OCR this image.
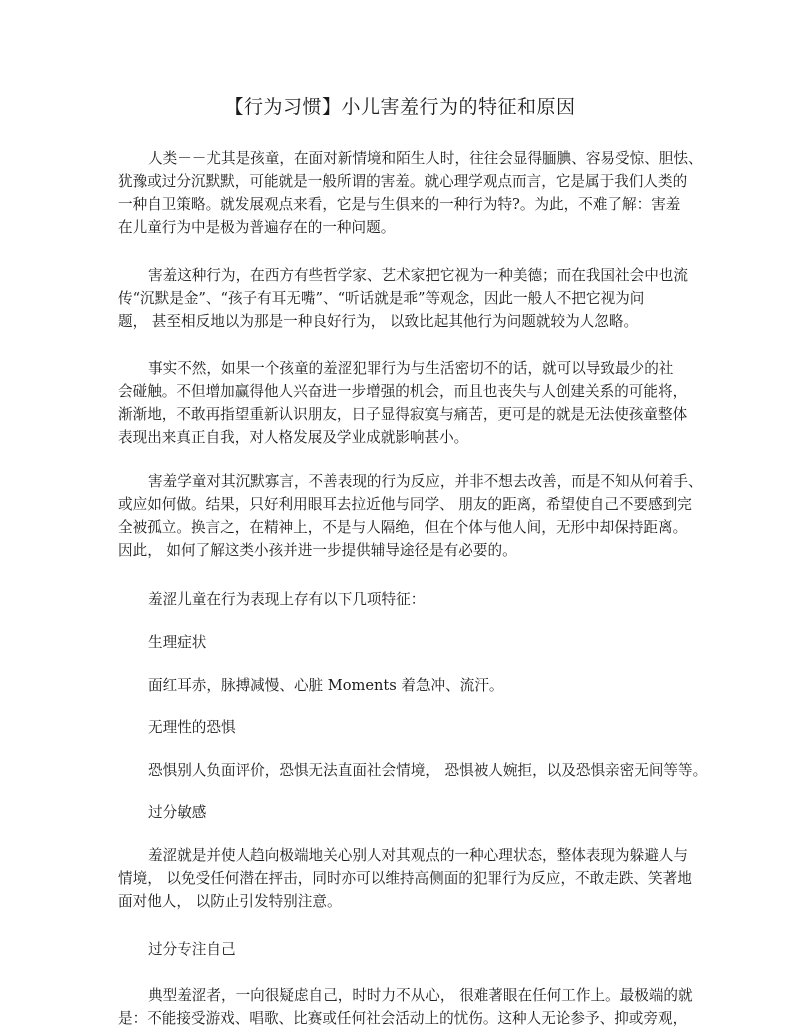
【行为习惯】小儿害羞行为的特征和原因
人类－－尤其是孩童，在面对新情境和陌生人时，往往会显得腼腆、容易受惊、胆怯、
犹豫或过分沉默默，可能就是一般所谓的害羞。就心理学观点而言，它是属于我们人类的
一种自卫策略。就发展观点来看，它是与生俱来的一种行为特?。为此，不难了解：害羞
在儿童行为中是极为普遍存在的一种问题。
害羞这种行为，在西方有些哲学家、艺术家把它视为一种美德；而在我国社会中也流
传“沉默是金”、“孩子有耳无嘴”、“听话就是乖”等观念，因此一般人不把它视为问
题， 甚至相反地以为那是一种良好行为， 以致比起其他行为问题就较为人忽略。
事实不然，如果一个孩童的羞涩犯罪行为与生活密切不的话，就可以导致最少的社
会碰触。不但增加赢得他人兴奋进一步增强的机会，而且也丧失与人创建关系的可能将，
渐渐地，不敢再指望重新认识朋友，日子显得寂寞与痛苦，更可是的就是无法使孩童整体
表现出来真正自我，对人格发展及学业成就影响甚小。
害羞学童对其沉默寡言，不善表现的行为反应，并非不想去改善，而是不知从何着手、
或应如何做。结果，只好利用眼耳去拉近他与同学、 朋友的距离，希望使自己不要感到完
全被孤立。换言之，在精神上，不是与人隔绝，但在个体与他人间，无形中却保持距离。
因此， 如何了解这类小孩并进一步提供辅导途径是有必要的。
羞涩儿童在行为表现上存有以下几项特征：
生理症状
面红耳赤，脉搏减慢、心脏 Moments 着急冲、流汗。
无理性的恐惧
恐惧别人负面评价，恐惧无法直面社会情境， 恐惧被人婉拒，以及恐惧亲密无间等等。
过分敏感
羞涩就是并使人趋向极端地关心别人对其观点的一种心理状态，整体表现为躲避人与
情境， 以免受任何潜在抨击，同时亦可以维持高侧面的犯罪行为反应，不敢走跌、笑著地
面对他人， 以防止引发特别注意。
过分专注自己
典型羞涩者，一向很疑虑自己，时时力不从心， 很难著眼在任何工作上。最极端的就
是：不能接受游戏、唱歌、比赛或任何社会活动上的忧伤。这种人无论参予、抑或旁观，
